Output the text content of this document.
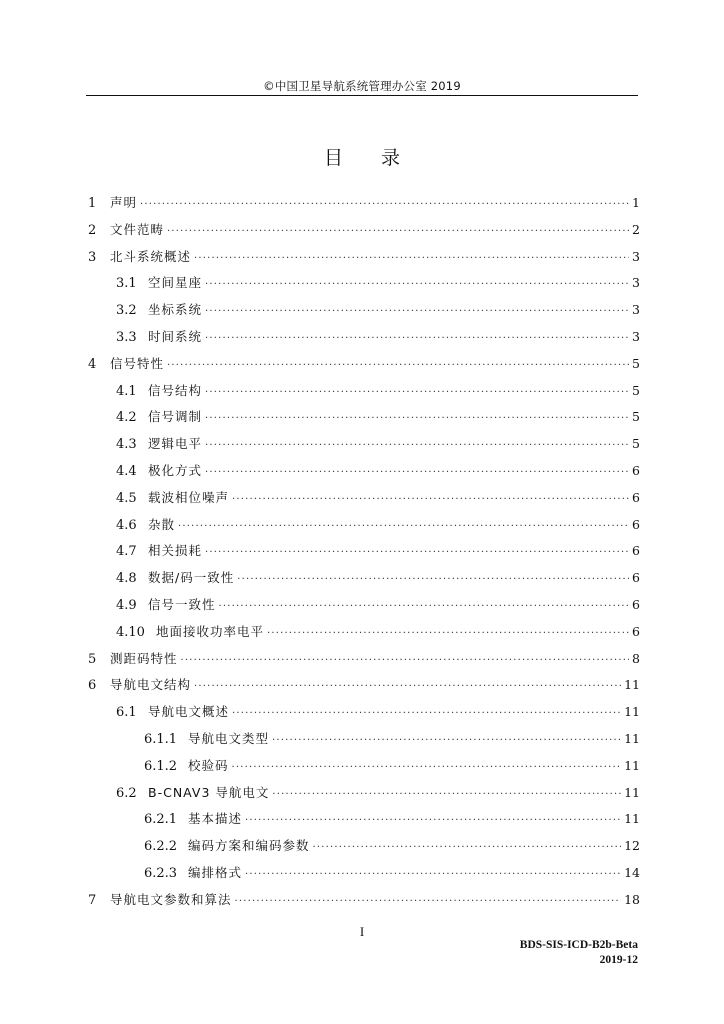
©中国卫星导航系统管理办公室 2019
目 录
1	声明 ·····	1
2	文件范畴 ·····	2
3	北斗系统概述 ·····	3
3.1 空间星座 ·····	3
3.2 坐标系统 ·····	3
3.3 时间系统 ·····	3
4	信号特性 ·····	5
4.1 信号结构 ·····	5
4.2 信号调制 ·····	5
4.3 逻辑电平 ·····	5
4.4 极化方式 ·····	6
4.5 载波相位噪声 ·····	6
4.6 杂散 ·····	6
4.7 相关损耗 ·····	6
4.8 数据/码一致性 ·····	6
4.9 信号一致性 ·····	6
4.10 地面接收功率电平 ·····	6
5	测距码特性 ·····	8
6	导航电文结构 ·····	11
6.1 导航电文概述 ·····	11
6.1.1 导航电文类型 ·····	11
6.1.2 校验码 ·····	11
6.2 B-CNAV3 导航电文 ·····	11
6.2.1 基本描述 ·····	11
6.2.2 编码方案和编码参数 ·····	12
6.2.3 编排格式 ·····	14
7	导航电文参数和算法 ·····	18
I
BDS-SIS-ICD-B2b-Beta
2019-12
